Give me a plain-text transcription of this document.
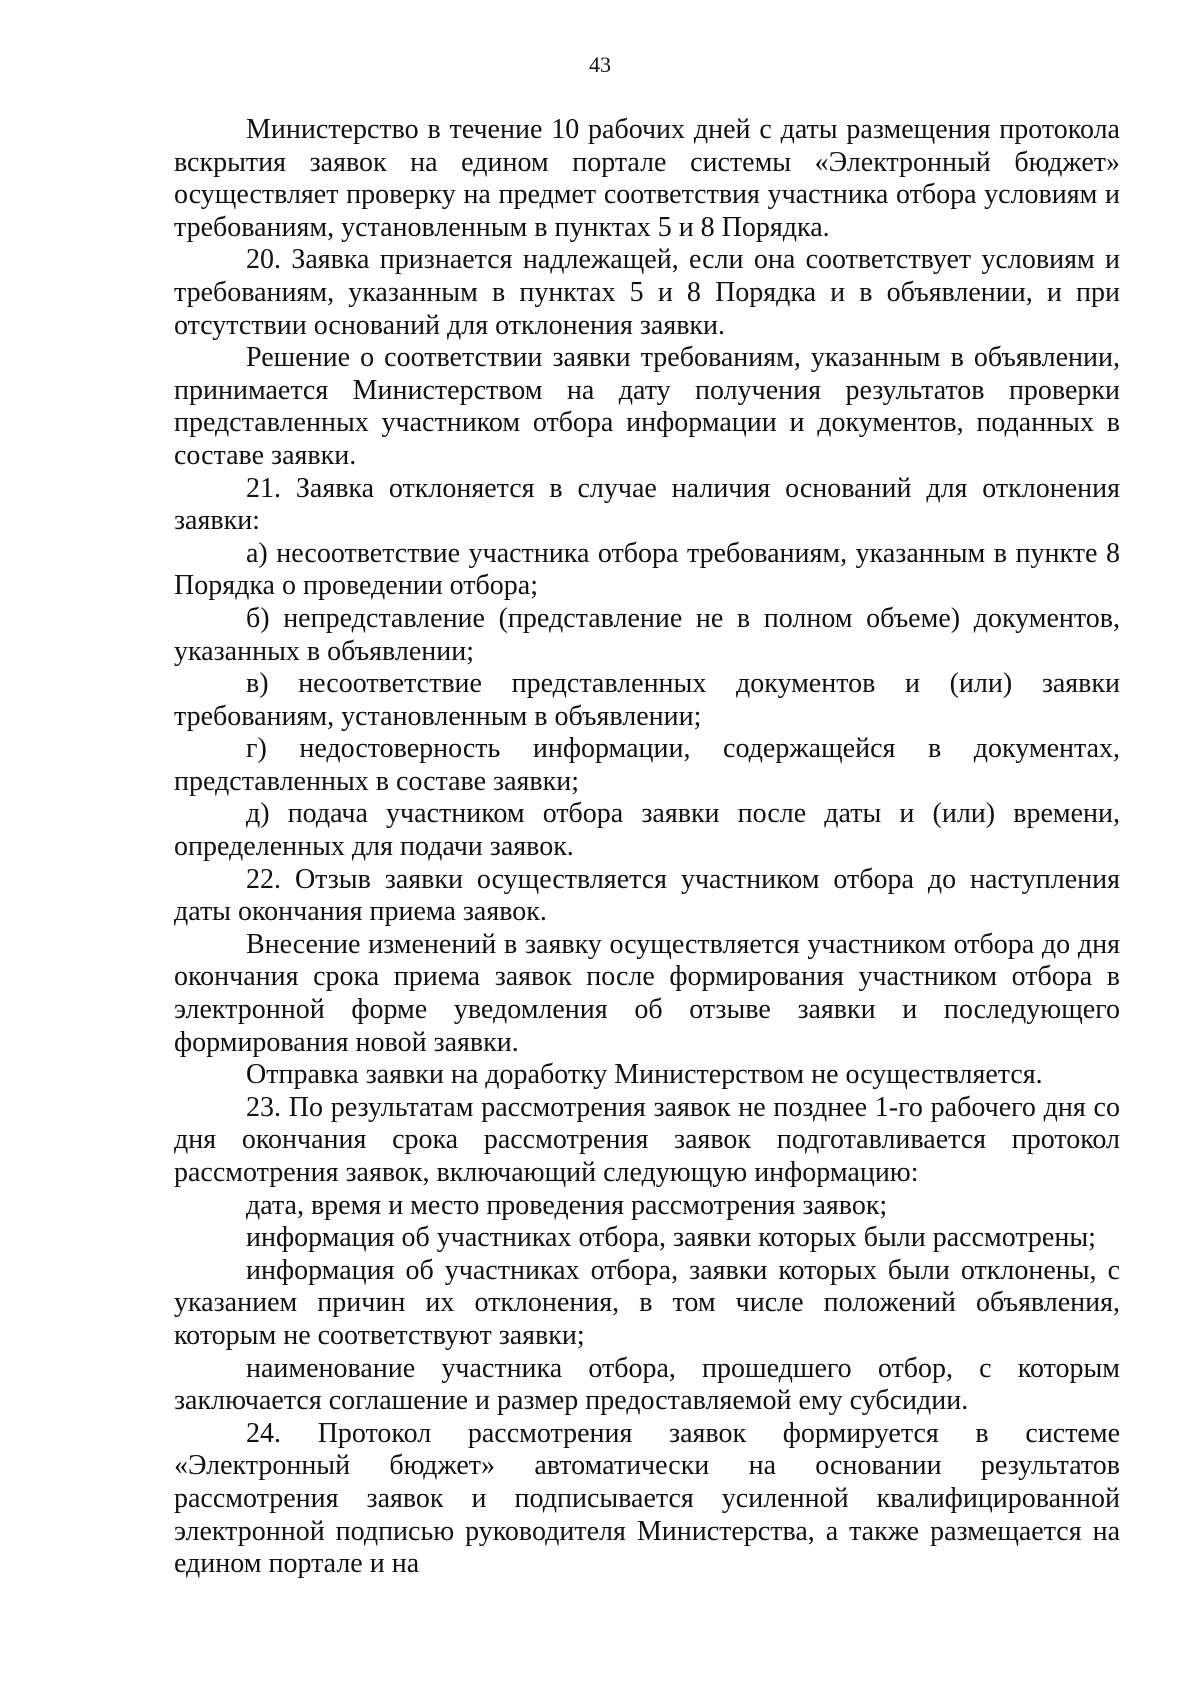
43

Министерство в течение 10 рабочих дней с даты размещения протокола вскрытия заявок на едином портале системы «Электронный бюджет» осуществляет проверку на предмет соответствия участника отбора условиям и требованиям, установленным в пунктах 5 и 8 Порядка.

20. Заявка признается надлежащей, если она соответствует условиям и требованиям, указанным в пунктах 5 и 8 Порядка и в объявлении, и при отсутствии оснований для отклонения заявки.

Решение о соответствии заявки требованиям, указанным в объявлении, принимается Министерством на дату получения результатов проверки представленных участником отбора информации и документов, поданных в составе заявки.

21. Заявка отклоняется в случае наличия оснований для отклонения заявки:

а) несоответствие участника отбора требованиям, указанным в пункте 8 Порядка о проведении отбора;

б) непредставление (представление не в полном объеме) документов, указанных в объявлении;

в) несоответствие представленных документов и (или) заявки требованиям, установленным в объявлении;

г) недостоверность информации, содержащейся в документах, представленных в составе заявки;

д) подача участником отбора заявки после даты и (или) времени, определенных для подачи заявок.

22. Отзыв заявки осуществляется участником отбора до наступления даты окончания приема заявок.

Внесение изменений в заявку осуществляется участником отбора до дня окончания срока приема заявок после формирования участником отбора в электронной форме уведомления об отзыве заявки и последующего формирования новой заявки.

Отправка заявки на доработку Министерством не осуществляется.

23. По результатам рассмотрения заявок не позднее 1-го рабочего дня со дня окончания срока рассмотрения заявок подготавливается протокол рассмотрения заявок, включающий следующую информацию:

дата, время и место проведения рассмотрения заявок;

информация об участниках отбора, заявки которых были рассмотрены;

информация об участниках отбора, заявки которых были отклонены, с указанием причин их отклонения, в том числе положений объявления, которым не соответствуют заявки;

наименование участника отбора, прошедшего отбор, с которым заключается соглашение и размер предоставляемой ему субсидии.

24. Протокол рассмотрения заявок формируется в системе «Электронный бюджет» автоматически на основании результатов рассмотрения заявок и подписывается усиленной квалифицированной электронной подписью руководителя Министерства, а также размещается на едином портале и на
